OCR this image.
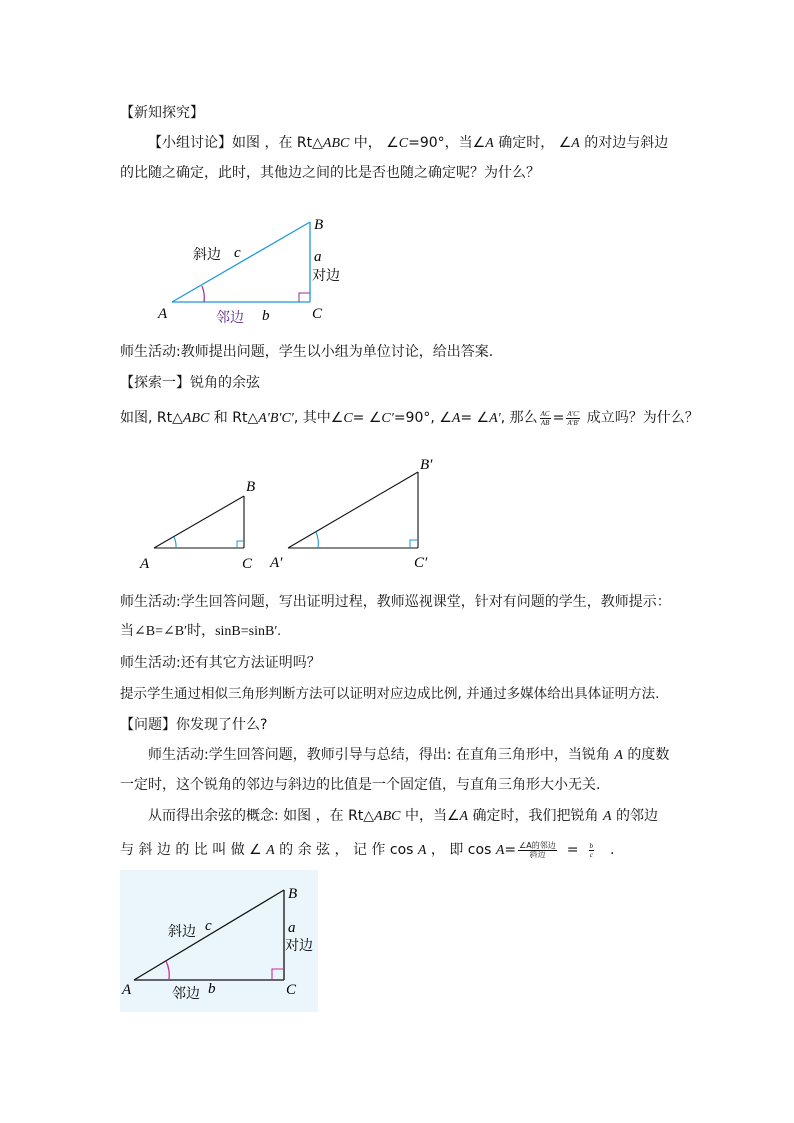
【新知探究】
【小组讨论】如图 ，在 Rt△ABC 中， ∠C=90°，当∠A 确定时， ∠A 的对边与斜边
的比随之确定，此时，其他边之间的比是否也随之确定呢？为什么？
B
A	C
斜边 c	a
对边
邻边 b
师生活动:教师提出问题，学生以小组为单位讨论，给出答案.
【探索一】锐角的余弦
如图, Rt△ABC 和 Rt△A′B′C′, 其中∠C= ∠C′=90°, ∠A= ∠A′, 那么 $\frac{AC}{AB} = \frac{A'C'}{A'B'}$ 成立吗？为什么？
B
A	C
B′
A′	C′
师生活动:学生回答问题，写出证明过程，教师巡视课堂，针对有问题的学生，教师提示：
当∠B=∠B′时，sinB=sinB′.
师生活动:还有其它方法证明吗？
提示学生通过相似三角形判断方法可以证明对应边成比例, 并通过多媒体给出具体证明方法.
【问题】你发现了什么?
师生活动:学生回答问题，教师引导与总结，得出: 在直角三角形中，当锐角 A 的度数
一定时，这个锐角的邻边与斜边的比值是一个固定值，与直角三角形大小无关.
从而得出余弦的概念: 如图 ，在 Rt△ABC 中，当∠A 确定时，我们把锐角 A 的邻边
与 斜 边 的 比 叫 做 ∠ A 的 余 弦 ， 记 作 cos A ， 即 $\cos A= \frac{\text{∠A的邻边}}{\text{斜边}} = \frac{b}{c}$ .
B
A	C
斜边 c	a
对边
邻边 b
